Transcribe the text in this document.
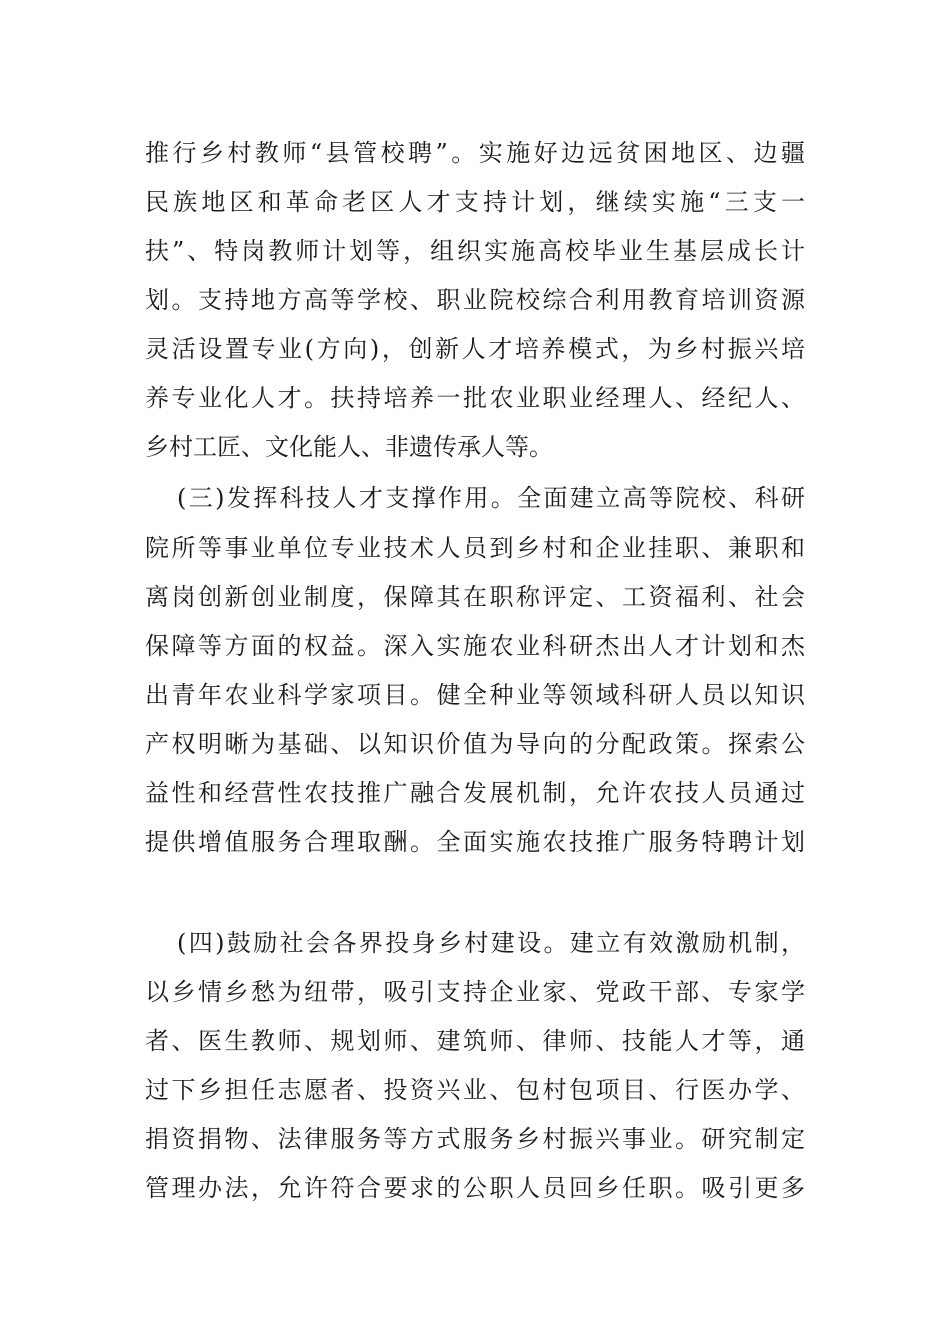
推行乡村教师“县管校聘”。实施好边远贫困地区、边疆
民族地区和革命老区人才支持计划，继续实施“三支一
扶”、特岗教师计划等，组织实施高校毕业生基层成长计
划。支持地方高等学校、职业院校综合利用教育培训资源
灵活设置专业(方向)，创新人才培养模式，为乡村振兴培
养专业化人才。扶持培养一批农业职业经理人、经纪人、
乡村工匠、文化能人、非遗传承人等。
(三)发挥科技人才支撑作用。全面建立高等院校、科研
院所等事业单位专业技术人员到乡村和企业挂职、兼职和
离岗创新创业制度，保障其在职称评定、工资福利、社会
保障等方面的权益。深入实施农业科研杰出人才计划和杰
出青年农业科学家项目。健全种业等领域科研人员以知识
产权明晰为基础、以知识价值为导向的分配政策。探索公
益性和经营性农技推广融合发展机制，允许农技人员通过
提供增值服务合理取酬。全面实施农技推广服务特聘计划
(四)鼓励社会各界投身乡村建设。建立有效激励机制，
以乡情乡愁为纽带，吸引支持企业家、党政干部、专家学
者、医生教师、规划师、建筑师、律师、技能人才等，通
过下乡担任志愿者、投资兴业、包村包项目、行医办学、
捐资捐物、法律服务等方式服务乡村振兴事业。研究制定
管理办法，允许符合要求的公职人员回乡任职。吸引更多
